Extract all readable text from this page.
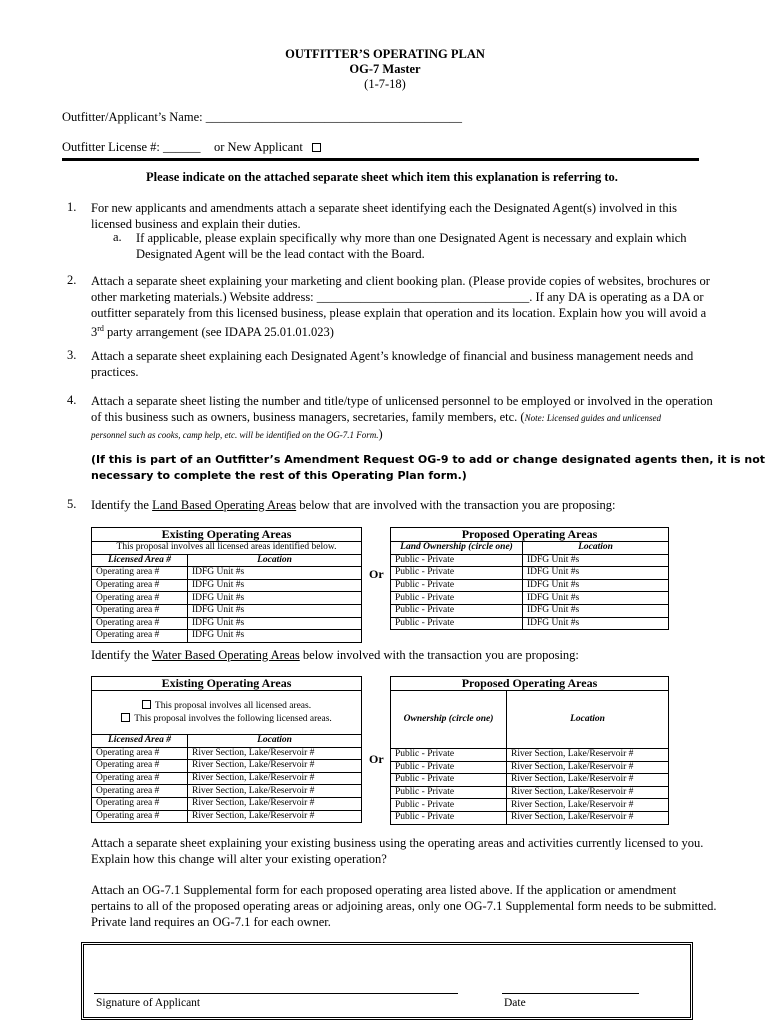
OUTFITTER’S OPERATING PLAN
OG-7 Master
(1-7-18)
Outfitter/Applicant’s Name: _________________________________________
Outfitter License #: ______ or New Applicant
Please indicate on the attached separate sheet which item this explanation is referring to.
1. For new applicants and amendments attach a separate sheet identifying each the Designated Agent(s) involved in this
licensed business and explain their duties.
a. If applicable, please explain specifically why more than one Designated Agent is necessary and explain which
Designated Agent will be the lead contact with the Board.
2. Attach a separate sheet explaining your marketing and client booking plan. (Please provide copies of websites, brochures or
other marketing materials.) Website address: __________________________________. If any DA is operating as a DA or
outfitter separately from this licensed business, please explain that operation and its location. Explain how you will avoid a
3rd party arrangement (see IDAPA 25.01.01.023)
3. Attach a separate sheet explaining each Designated Agent’s knowledge of financial and business management needs and
practices.
4. Attach a separate sheet listing the number and title/type of unlicensed personnel to be employed or involved in the operation
of this business such as owners, business managers, secretaries, family members, etc. (Note: Licensed guides and unlicensed
personnel such as cooks, camp help, etc. will be identified on the OG-7.1 Form.)
(If this is part of an Outfitter’s Amendment Request OG-9 to add or change designated agents then, it is not
necessary to complete the rest of this Operating Plan form.)
5. Identify the Land Based Operating Areas below that are involved with the transaction you are proposing:
Existing Operating Areas	
This proposal involves all licensed areas identified below.	
Licensed Area #	Location
Operating area #	IDFG Unit #s
Operating area #	IDFG Unit #s
Operating area #	IDFG Unit #s
Operating area #	IDFG Unit #s
Operating area #	IDFG Unit #s
Operating area #	IDFG Unit #s
Or
Proposed Operating Areas	
Land Ownership (circle one)	Location
Public - Private	IDFG Unit #s
Public - Private	IDFG Unit #s
Public - Private	IDFG Unit #s
Public - Private	IDFG Unit #s
Public - Private	IDFG Unit #s
Public - Private	IDFG Unit #s
Identify the Water Based Operating Areas below involved with the transaction you are proposing:
Existing Operating Areas	

This proposal involves all licensed areas.
This proposal involves the following licensed areas.	

Licensed Area #	Location
Operating area #	River Section, Lake/Reservoir #
Operating area #	River Section, Lake/Reservoir #
Operating area #	River Section, Lake/Reservoir #
Operating area #	River Section, Lake/Reservoir #
Operating area #	River Section, Lake/Reservoir #
Operating area #	River Section, Lake/Reservoir #
Or
Proposed Operating Areas	
Ownership (circle one)	Location
Public - Private	River Section, Lake/Reservoir #
Public - Private	River Section, Lake/Reservoir #
Public - Private	River Section, Lake/Reservoir #
Public - Private	River Section, Lake/Reservoir #
Public - Private	River Section, Lake/Reservoir #
Public - Private	River Section, Lake/Reservoir #
Attach a separate sheet explaining your existing business using the operating areas and activities currently licensed to you.
Explain how this change will alter your existing operation?
Attach an OG-7.1 Supplemental form for each proposed operating area listed above. If the application or amendment
pertains to all of the proposed operating areas or adjoining areas, only one OG-7.1 Supplemental form needs to be submitted.
Private land requires an OG-7.1 for each owner.
Signature of Applicant	Date
